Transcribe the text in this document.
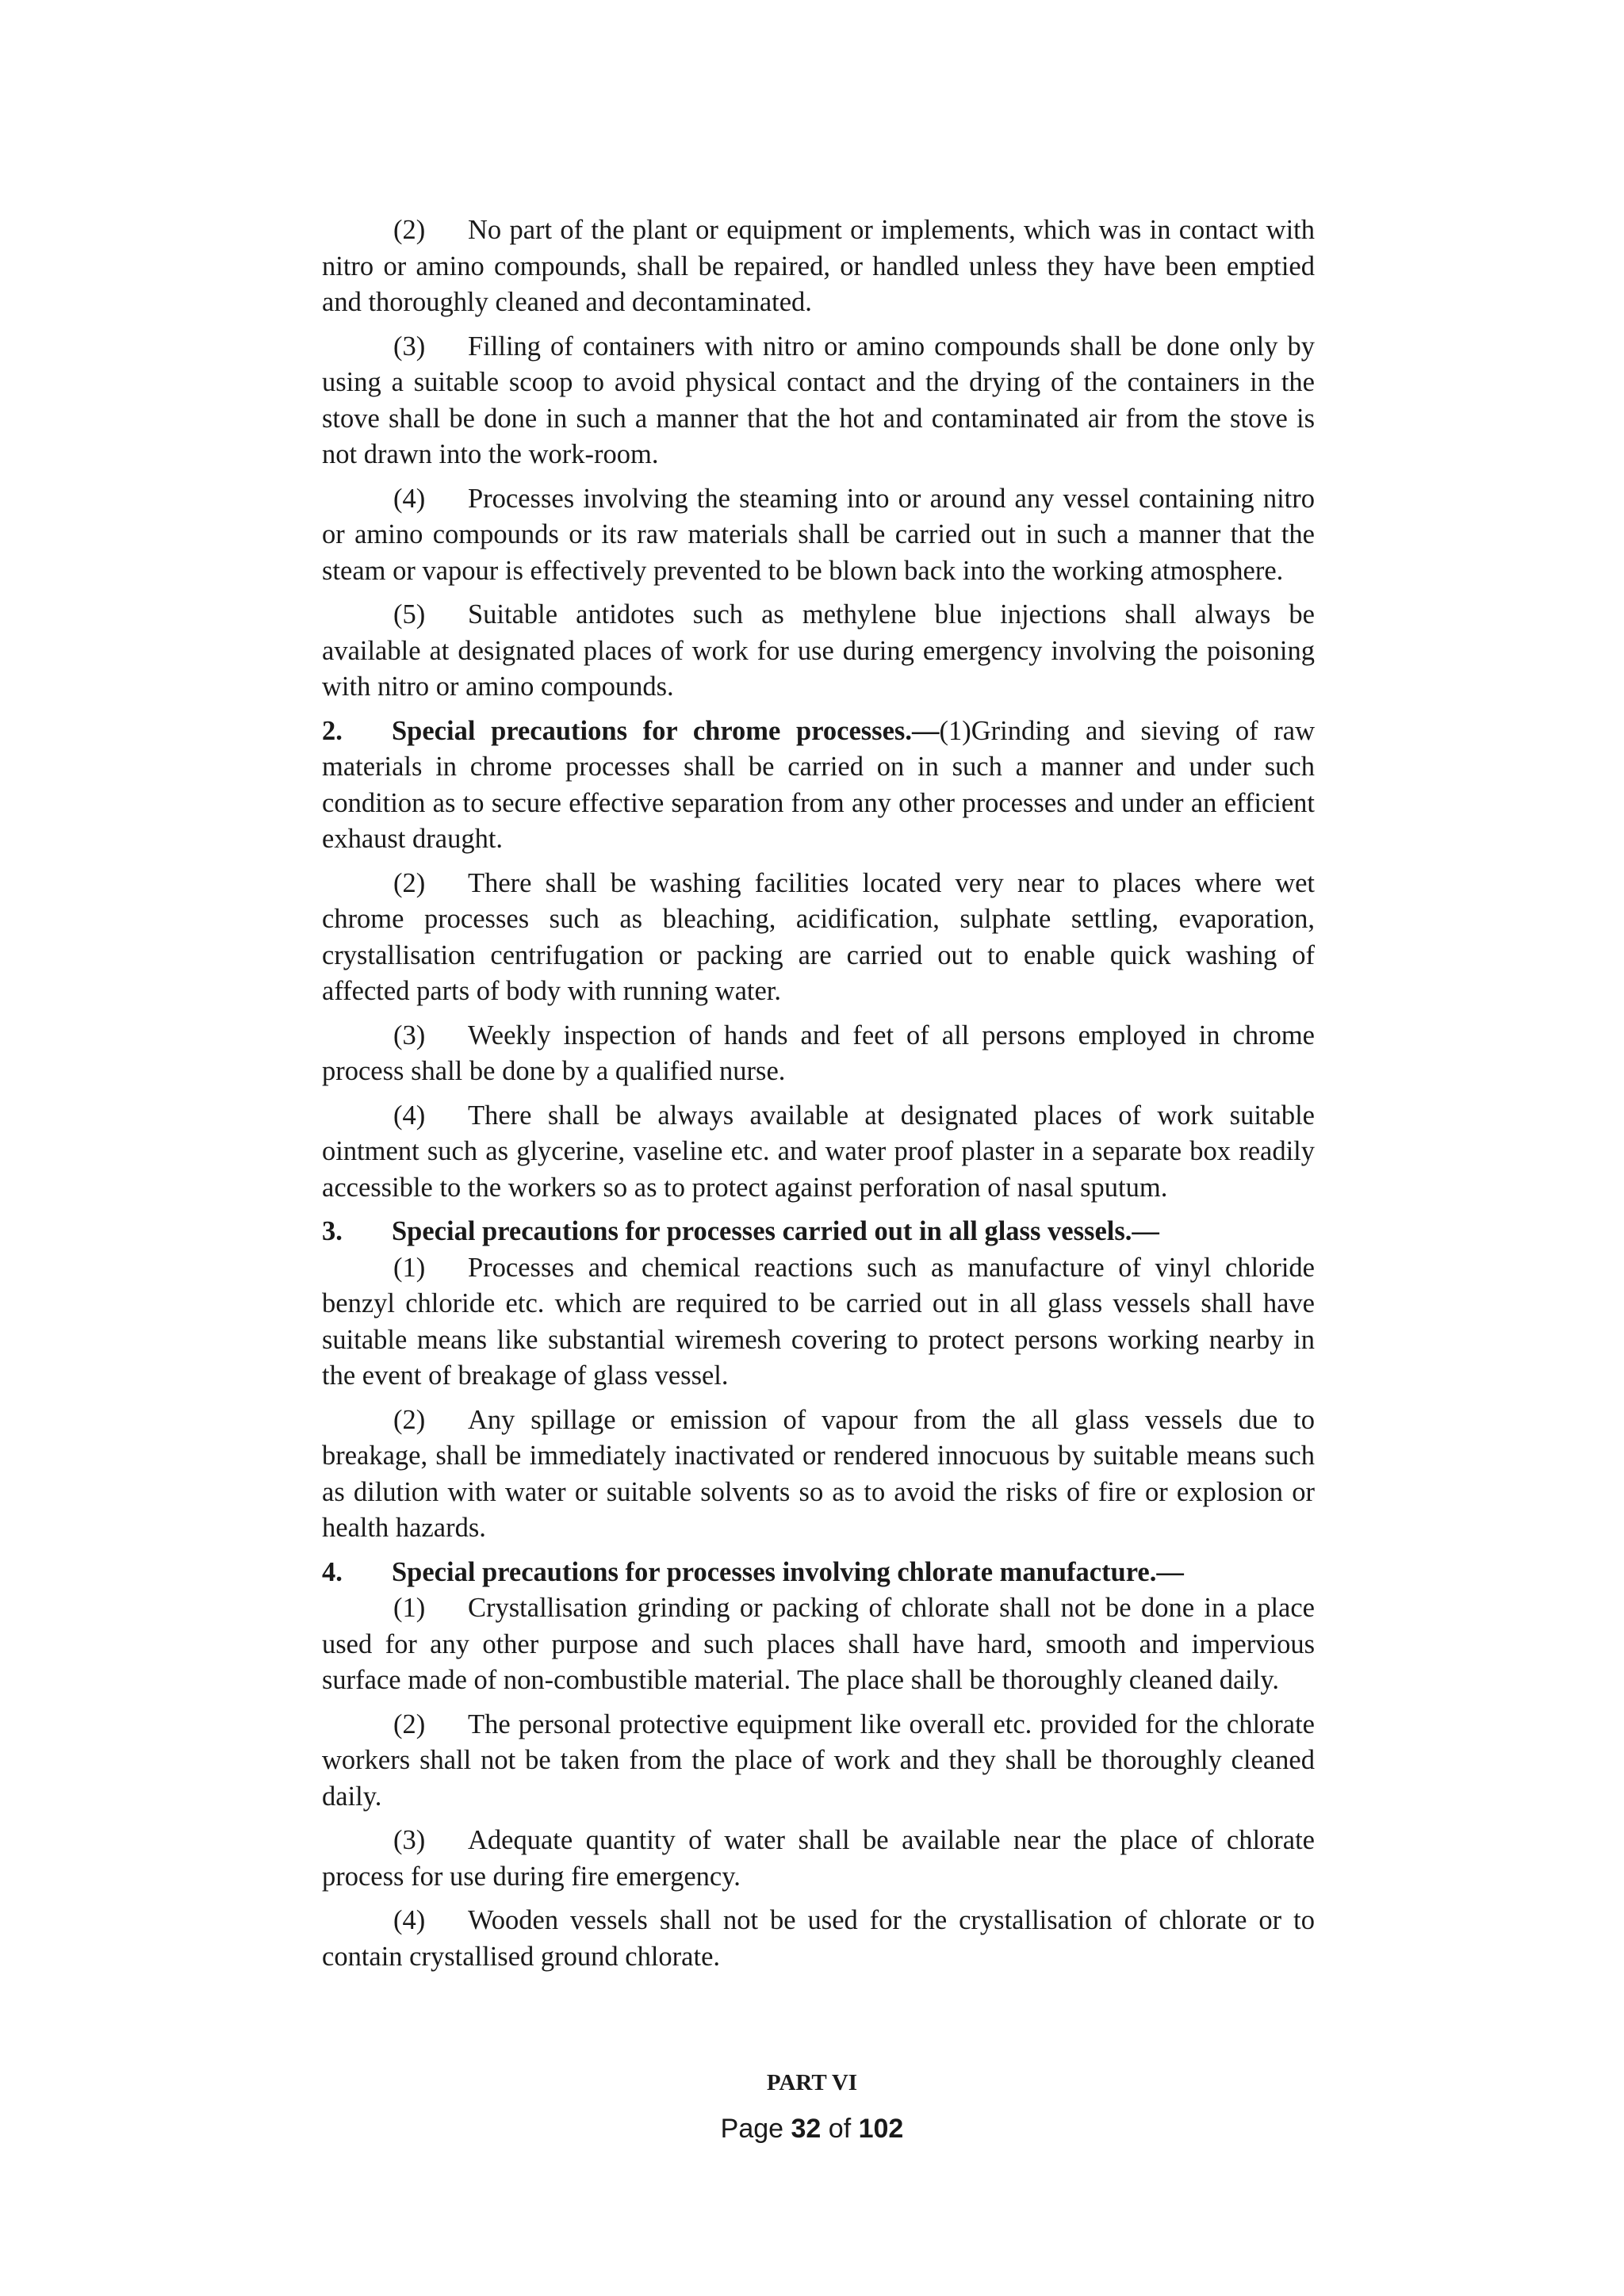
(2) No part of the plant or equipment or implements, which was in contact with nitro or amino compounds, shall be repaired, or handled unless they have been emptied and thoroughly cleaned and decontaminated.

(3) Filling of containers with nitro or amino compounds shall be done only by using a suitable scoop to avoid physical contact and the drying of the containers in the stove shall be done in such a manner that the hot and contaminated air from the stove is not drawn into the work-room.

(4) Processes involving the steaming into or around any vessel containing nitro or amino compounds or its raw materials shall be carried out in such a manner that the steam or vapour is effectively prevented to be blown back into the working atmosphere.

(5) Suitable antidotes such as methylene blue injections shall always be available at designated places of work for use during emergency involving the poisoning with nitro or amino compounds.

2. Special precautions for chrome processes.—(1)Grinding and sieving of raw materials in chrome processes shall be carried on in such a manner and under such condition as to secure effective separation from any other processes and under an efficient exhaust draught.

(2) There shall be washing facilities located very near to places where wet chrome processes such as bleaching, acidification, sulphate settling, evaporation, crystallisation centrifugation or packing are carried out to enable quick washing of affected parts of body with running water.

(3) Weekly inspection of hands and feet of all persons employed in chrome process shall be done by a qualified nurse.

(4) There shall be always available at designated places of work suitable ointment such as glycerine, vaseline etc. and water proof plaster in a separate box readily accessible to the workers so as to protect against perforation of nasal sputum.

3. Special precautions for processes carried out in all glass vessels.—

(1) Processes and chemical reactions such as manufacture of vinyl chloride benzyl chloride etc. which are required to be carried out in all glass vessels shall have suitable means like substantial wiremesh covering to protect persons working nearby in the event of breakage of glass vessel.

(2) Any spillage or emission of vapour from the all glass vessels due to breakage, shall be immediately inactivated or rendered innocuous by suitable means such as dilution with water or suitable solvents so as to avoid the risks of fire or explosion or health hazards.

4. Special precautions for processes involving chlorate manufacture.—

(1) Crystallisation grinding or packing of chlorate shall not be done in a place used for any other purpose and such places shall have hard, smooth and impervious surface made of non-combustible material. The place shall be thoroughly cleaned daily.

(2) The personal protective equipment like overall etc. provided for the chlorate workers shall not be taken from the place of work and they shall be thoroughly cleaned daily.

(3) Adequate quantity of water shall be available near the place of chlorate process for use during fire emergency.

(4) Wooden vessels shall not be used for the crystallisation of chlorate or to contain crystallised ground chlorate.

PART VI
Page 32 of 102
